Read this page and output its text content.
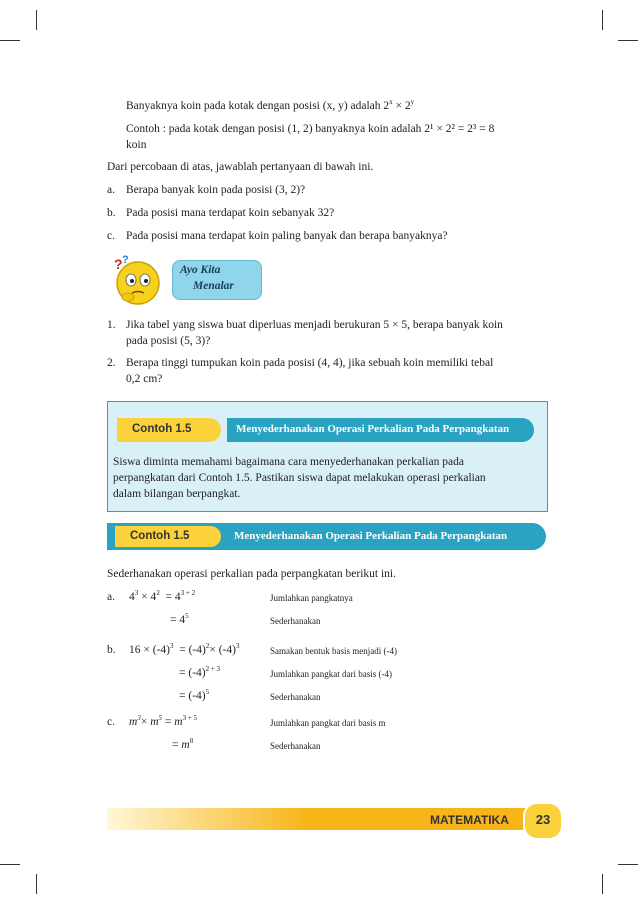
Banyaknya koin pada kotak dengan posisi (x, y) adalah $2^x \times 2^y$
Contoh : pada kotak dengan posisi (1, 2) banyaknya koin adalah 2¹ × 2² = 2³ = 8
koin
Dari percobaan di atas, jawablah pertanyaan di bawah ini.
a. Berapa banyak koin pada posisi (3, 2)?
b. Pada posisi mana terdapat koin sebanyak 32?
c. Pada posisi mana terdapat koin paling banyak dan berapa banyaknya?
? ?
Ayo Kita
Menalar
1. Jika tabel yang siswa buat diperluas menjadi berukuran 5 × 5, berapa banyak koin
pada posisi (5, 3)?
2. Berapa tinggi tumpukan koin pada posisi (4, 4), jika sebuah koin memiliki tebal
0,2 cm?
Contoh 1.5	Menyederhanakan Operasi Perkalian Pada Perpangkatan
Siswa diminta memahami bagaimana cara menyederhanakan perkalian pada
perpangkatan dari Contoh 1.5. Pastikan siswa dapat melakukan operasi perkalian
dalam bilangan berpangkat.
Contoh 1.5	Menyederhanakan Operasi Perkalian Pada Perpangkatan
Sederhanakan operasi perkalian pada perpangkatan berikut ini.
a. $4^3 \times 4^2 = 4^{3 + 2}$	Jumlahkan pangkatnya
= $4^5$	Sederhanakan
b. $16 \times (-4)^3 = (-4)^2\times (-4)^3$	Samakan bentuk basis menjadi (-4)
= $(-4)^{2 + 3}$	Jumlahkan pangkat dari basis (-4)
= $(-4)^5$	Sederhanakan
c. $m^3\times m^5 = m^{3 + 5}$	Jumlahkan pangkat dari basis m
= $m^8$	Sederhanakan
MATEMATIKA	23
